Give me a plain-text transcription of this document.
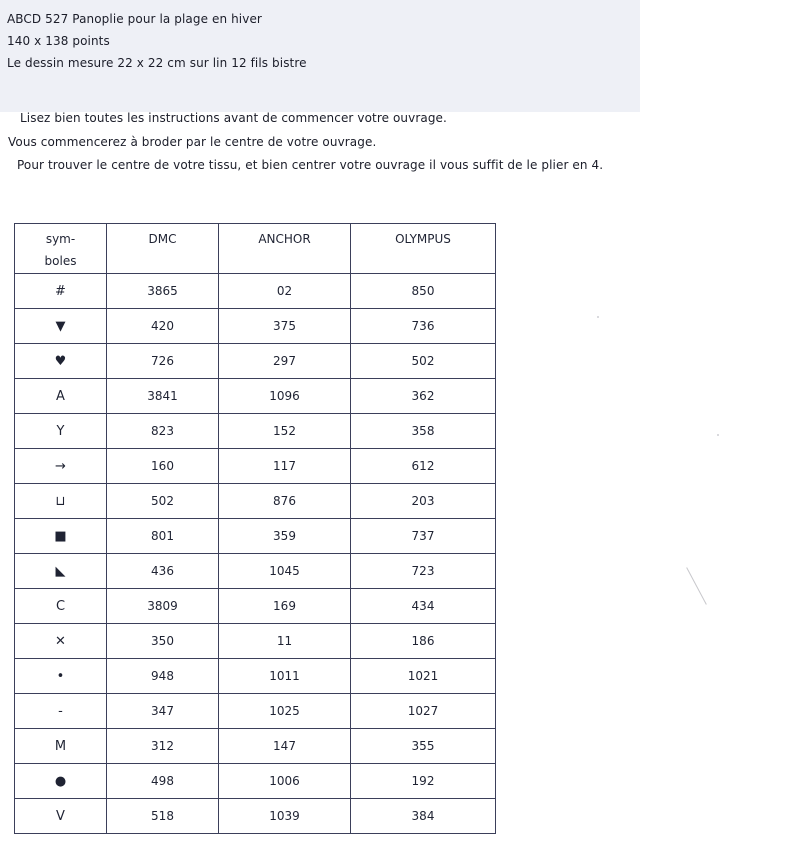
ABCD 527 Panoplie pour la plage en hiver
140 x 138 points
Le dessin mesure 22 x 22 cm sur lin 12 fils bistre
Lisez bien toutes les instructions avant de commencer votre ouvrage.
Vous commencerez à broder par le centre de votre ouvrage.
Pour trouver le centre de votre tissu, et bien centrer votre ouvrage il vous suffit de le plier en 4.
sym-
boles	DMC	ANCHOR	OLYMPUS
#	3865	02	850
▼	420	375	736
♥	726	297	502
A	3841	1096	362
Y	823	152	358
→	160	117	612
⊔	502	876	203
■	801	359	737
◣	436	1045	723
C	3809	169	434
✕	350	11	186
•	948	1011	1021
-	347	1025	1027
M	312	147	355
●	498	1006	192
V	518	1039	384
